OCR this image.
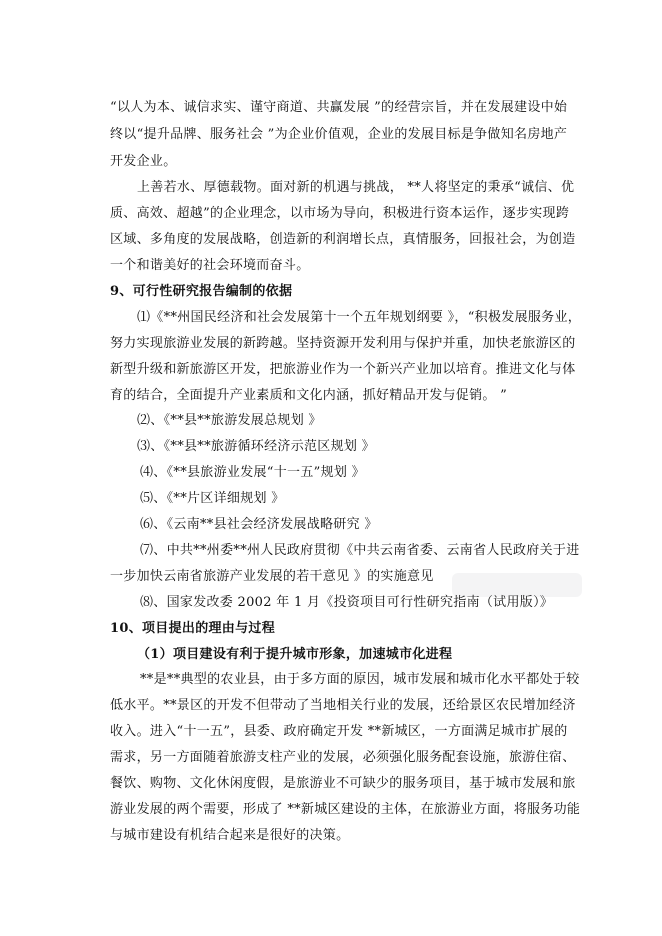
“以人为本、诚信求实、谨守商道、共赢发展 ”的经营宗旨，并在发展建设中始
终以“提升品牌、服务社会 ”为企业价值观，企业的发展目标是争做知名房地产
开发企业。
上善若水、厚德载物。面对新的机遇与挑战， **人将坚定的秉承“诚信、优
质、高效、超越”的企业理念，以市场为导向，积极进行资本运作，逐步实现跨
区域、多角度的发展战略，创造新的利润增长点，真情服务，回报社会，为创造
一个和谐美好的社会环境而奋斗。
9、可行性研究报告编制的依据
⑴《**州国民经济和社会发展第十一个五年规划纲要 》，“积极发展服务业，
努力实现旅游业发展的新跨越。坚持资源开发利用与保护并重，加快老旅游区的
新型升级和新旅游区开发，把旅游业作为一个新兴产业加以培育。推进文化与体
育的结合，全面提升产业素质和文化内涵，抓好精品开发与促销。 ”
⑵、《**县**旅游发展总规划 》
⑶、《**县**旅游循环经济示范区规划 》
⑷、《**县旅游业发展“十一五”规划 》
⑸、《**片区详细规划 》
⑹、《云南**县社会经济发展战略研究 》
⑺、中共**州委**州人民政府贯彻《中共云南省委、云南省人民政府关于进
一步加快云南省旅游产业发展的若干意见 》的实施意见
⑻、国家发改委 2002 年 1 月《投资项目可行性研究指南（试用版）》
10、项目提出的理由与过程
（1）项目建设有利于提升城市形象，加速城市化进程
**是**典型的农业县，由于多方面的原因，城市发展和城市化水平都处于较
低水平。**景区的开发不但带动了当地相关行业的发展，还给景区农民增加经济
收入。进入“十一五”，县委、政府确定开发 **新城区，一方面满足城市扩展的
需求，另一方面随着旅游支柱产业的发展，必须强化服务配套设施，旅游住宿、
餐饮、购物、文化休闲度假，是旅游业不可缺少的服务项目，基于城市发展和旅
游业发展的两个需要，形成了 **新城区建设的主体，在旅游业方面，将服务功能
与城市建设有机结合起来是很好的决策。
